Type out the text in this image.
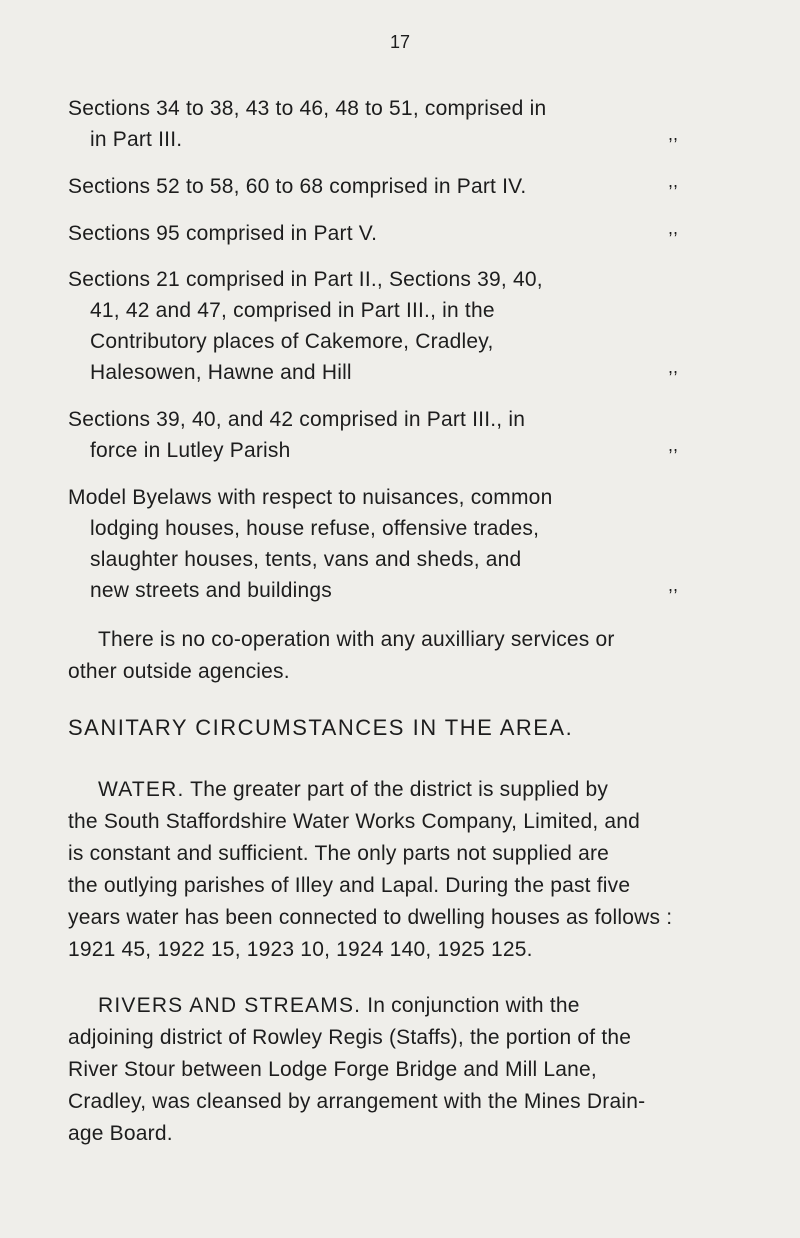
17
Sections 34 to 38, 43 to 46, 48 to 51, comprised in
in Part III.	,,
Sections 52 to 58, 60 to 68 comprised in Part IV.	,,
Sections 95 comprised in Part V.	,,
Sections 21 comprised in Part II., Sections 39, 40,
41, 42 and 47, comprised in Part III., in the
Contributory places of Cakemore, Cradley,
Halesowen, Hawne and Hill	,,
Sections 39, 40, and 42 comprised in Part III., in
force in Lutley Parish	,,
Model Byelaws with respect to nuisances, common
lodging houses, house refuse, offensive trades,
slaughter houses, tents, vans and sheds, and
new streets and buildings	,,
There is no co-operation with any auxilliary services or
other outside agencies.
SANITARY CIRCUMSTANCES IN THE AREA.
WATER. The greater part of the district is supplied by
the South Staffordshire Water Works Company, Limited, and
is constant and sufficient. The only parts not supplied are
the outlying parishes of Illey and Lapal. During the past five
years water has been connected to dwelling houses as follows :
1921 45, 1922 15, 1923 10, 1924 140, 1925 125.
RIVERS AND STREAMS. In conjunction with the
adjoining district of Rowley Regis (Staffs), the portion of the
River Stour between Lodge Forge Bridge and Mill Lane,
Cradley, was cleansed by arrangement with the Mines Drain-
age Board.
